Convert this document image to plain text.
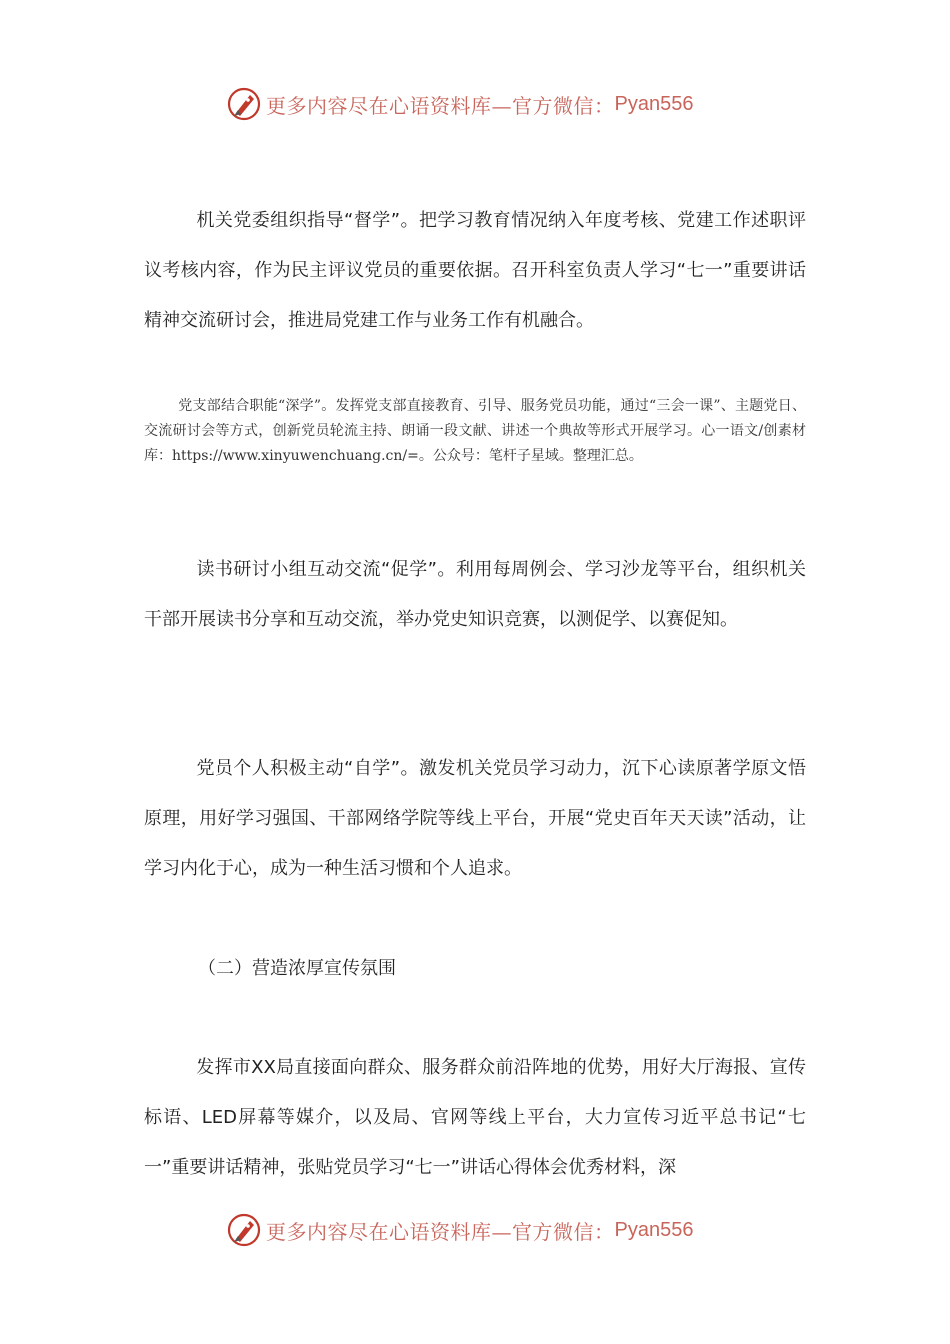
更多内容尽在心语资料库—官方微信： Pyan556

机关党委组织指导“督学”。把学习教育情况纳入年度考核、党建工作述职评议考核内容，作为民主评议党员的重要依据。召开科室负责人学习“七一”重要讲话精神交流研讨会，推进局党建工作与业务工作有机融合。

党支部结合职能“深学”。发挥党支部直接教育、引导、服务党员功能，通过“三会一课”、主题党日、交流研讨会等方式，创新党员轮流主持、朗诵一段文献、讲述一个典故等形式开展学习。心一语文/创素材库：https://www.xinyuwenchuang.cn/=。公众号：笔杆子星域。整理汇总。

读书研讨小组互动交流“促学”。利用每周例会、学习沙龙等平台，组织机关干部开展读书分享和互动交流，举办党史知识竞赛，以测促学、以赛促知。

党员个人积极主动“自学”。激发机关党员学习动力，沉下心读原著学原文悟原理，用好学习强国、干部网络学院等线上平台，开展“党史百年天天读”活动，让学习内化于心，成为一种生活习惯和个人追求。

（二）营造浓厚宣传氛围

发挥市XX局直接面向群众、服务群众前沿阵地的优势，用好大厅海报、宣传标语、LED屏幕等媒介，以及局、官网等线上平台，大力宣传习近平总书记“七一”重要讲话精神，张贴党员学习“七一”讲话心得体会优秀材料，深

更多内容尽在心语资料库—官方微信： Pyan556
